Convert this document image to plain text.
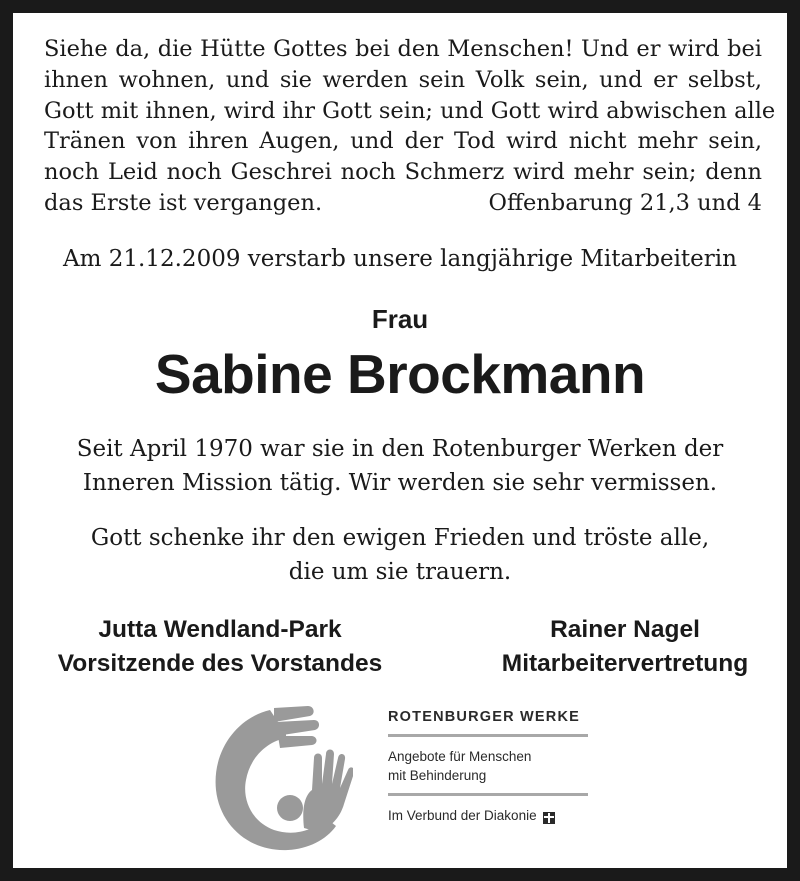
Siehe da, die Hütte Gottes bei den Menschen! Und er wird bei
ihnen wohnen, und sie werden sein Volk sein, und er selbst,
Gott mit ihnen, wird ihr Gott sein; und Gott wird abwischen alle
Tränen von ihren Augen, und der Tod wird nicht mehr sein,
noch Leid noch Geschrei noch Schmerz wird mehr sein; denn
das Erste ist vergangen.	Offenbarung 21,3 und 4
Am 21.12.2009 verstarb unsere langjährige Mitarbeiterin
Frau
Sabine Brockmann
Seit April 1970 war sie in den Rotenburger Werken der
Inneren Mission tätig. Wir werden sie sehr vermissen.
Gott schenke ihr den ewigen Frieden und tröste alle,
die um sie trauern.
Jutta Wendland-Park
Vorsitzende des Vorstandes
Rainer Nagel
Mitarbeitervertretung
ROTENBURGER WERKE
Angebote für Menschen
mit Behinderung
Im Verbund der Diakonie
